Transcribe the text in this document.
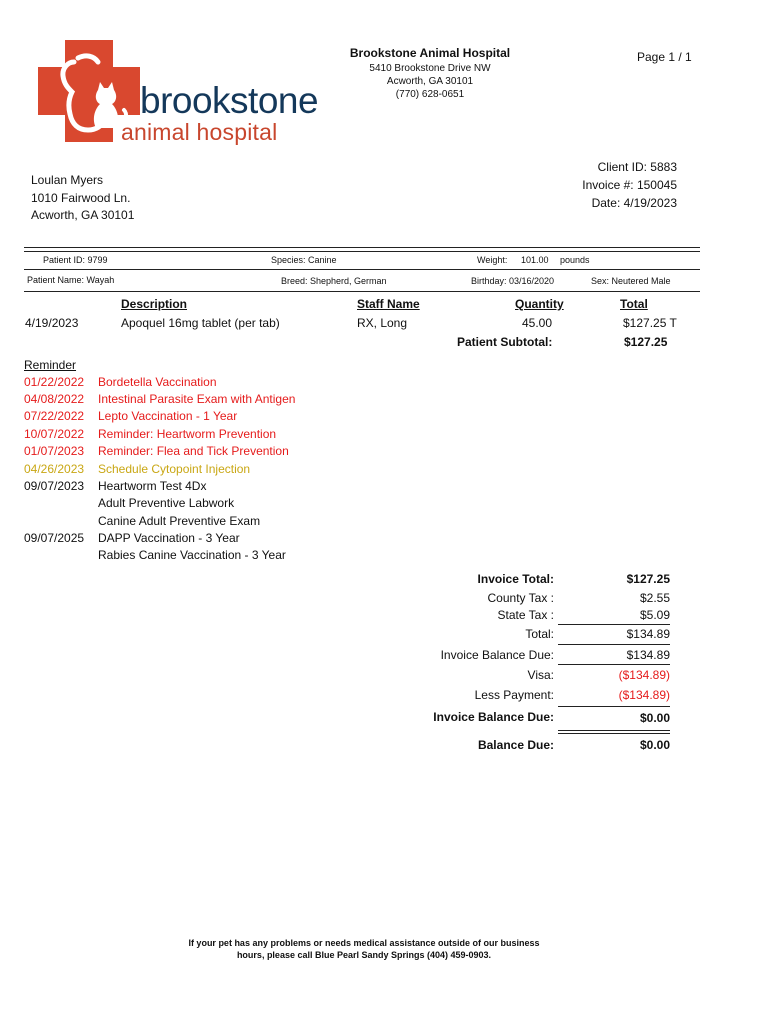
brookstone
animal hospital
Brookstone Animal Hospital
5410 Brookstone Drive NW
Acworth, GA 30101
(770) 628-0651
Page 1 / 1
Loulan Myers
1010 Fairwood Ln.
Acworth, GA 30101
Client ID: 5883
Invoice #: 150045
Date: 4/19/2023
Patient ID: 9799	Species: Canine	Weight: 101.00 pounds
Patient Name: Wayah	Breed: Shepherd, German	Birthday: 03/16/2020	Sex: Neutered Male
Description	Staff Name	Quantity	Total
4/19/2023	Apoquel 16mg tablet (per tab)	RX, Long	45.00	$127.25 T
Patient Subtotal:	$127.25
Reminder
01/22/2022	Bordetella Vaccination
04/08/2022	Intestinal Parasite Exam with Antigen
07/22/2022	Lepto Vaccination - 1 Year
10/07/2022	Reminder: Heartworm Prevention
01/07/2023	Reminder: Flea and Tick Prevention
04/26/2023	Schedule Cytopoint Injection
09/07/2023	Heartworm Test 4Dx
Adult Preventive Labwork
Canine Adult Preventive Exam
09/07/2025	DAPP Vaccination - 3 Year
Rabies Canine Vaccination - 3 Year
Invoice Total:	$127.25
County Tax :	$2.55
State Tax :	$5.09
Total:	$134.89
Invoice Balance Due:	$134.89
Visa:	($134.89)
Less Payment:	($134.89)
Invoice Balance Due:	$0.00
Balance Due:	$0.00
If your pet has any problems or needs medical assistance outside of our business
hours, please call Blue Pearl Sandy Springs (404) 459-0903.
